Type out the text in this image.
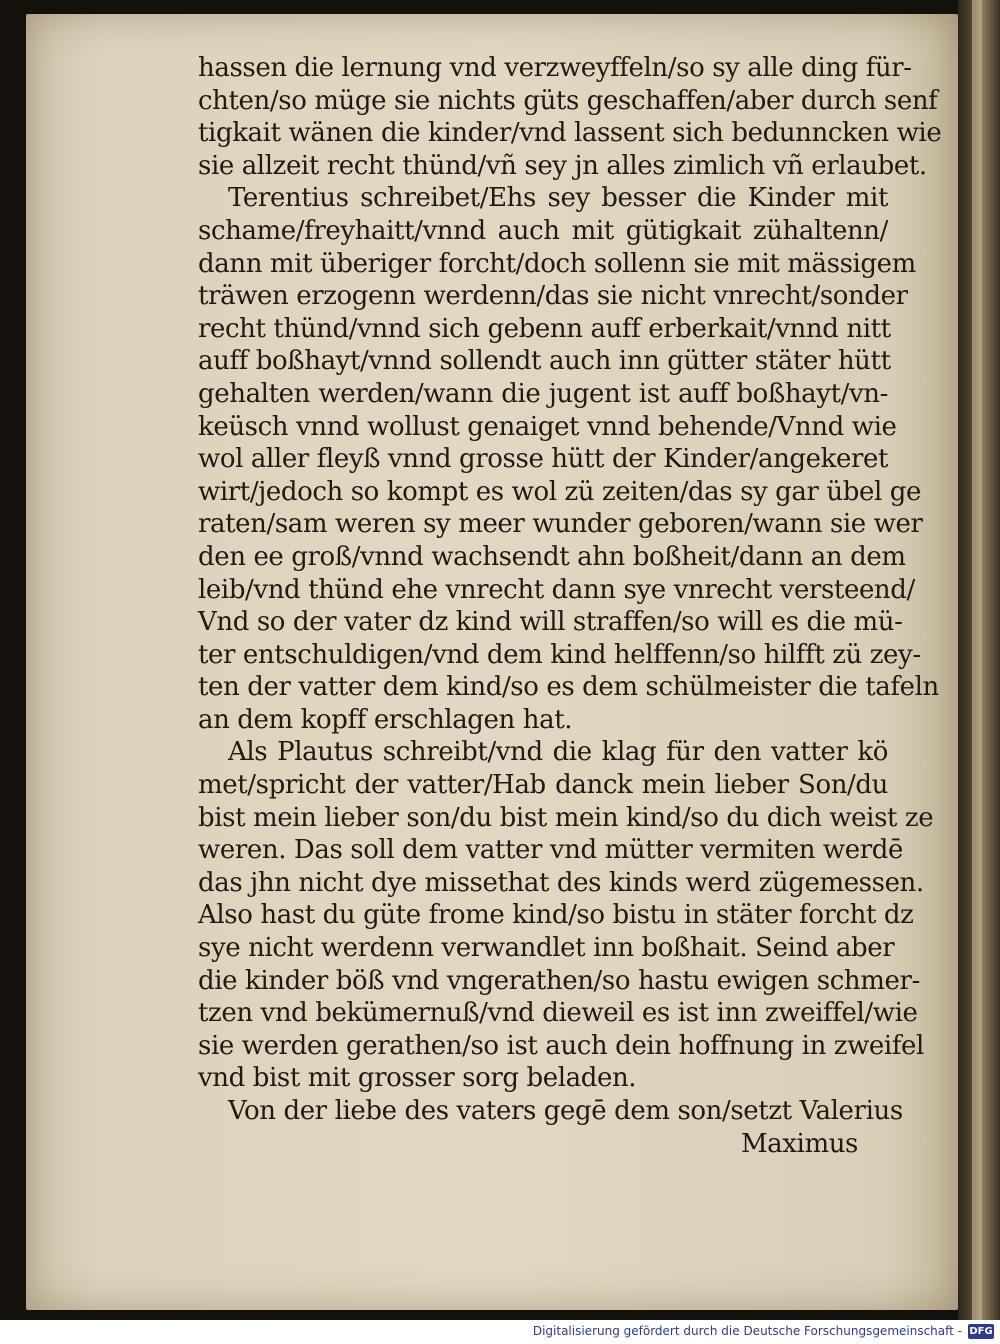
hassen die lernung vnd verzweyffeln/so sy alle ding für-
chten/so müge sie nichts güts geschaffen/aber durch senf
tigkait wänen die kinder/vnd lassent sich bedunncken wie
sie allzeit recht thünd/vñ sey jn alles zimlich vñ erlaubet.
Terentius schreibet/Ehs sey besser die Kinder mit
schame/freyhaitt/vnnd auch mit gütigkait zühaltenn/
dann mit überiger forcht/doch sollenn sie mit mässigem
träwen erzogenn werdenn/das sie nicht vnrecht/sonder
recht thünd/vnnd sich gebenn auff erberkait/vnnd nitt
auff boßhayt/vnnd sollendt auch inn gütter stäter hütt
gehalten werden/wann die jugent ist auff boßhayt/vn-
keüsch vnnd wollust genaiget vnnd behende/Vnnd wie
wol aller fleyß vnnd grosse hütt der Kinder/angekeret
wirt/jedoch so kompt es wol zü zeiten/das sy gar übel ge
raten/sam weren sy meer wunder geboren/wann sie wer
den ee groß/vnnd wachsendt ahn boßheit/dann an dem
leib/vnd thünd ehe vnrecht dann sye vnrecht versteend/
Vnd so der vater dz kind will straffen/so will es die mü-
ter entschuldigen/vnd dem kind helffenn/so hilfft zü zey-
ten der vatter dem kind/so es dem schülmeister die tafeln
an dem kopff erschlagen hat.
Als Plautus schreibt/vnd die klag für den vatter kö
met/spricht der vatter/Hab danck mein lieber Son/du
bist mein lieber son/du bist mein kind/so du dich weist ze
weren. Das soll dem vatter vnd mütter vermiten werdē
das jhn nicht dye missethat des kinds werd zügemessen.
Also hast du güte frome kind/so bistu in stäter forcht dz
sye nicht werdenn verwandlet inn boßhait. Seind aber
die kinder böß vnd vngerathen/so hastu ewigen schmer-
tzen vnd bekümernuß/vnd dieweil es ist inn zweiffel/wie
sie werden gerathen/so ist auch dein hoffnung in zweifel
vnd bist mit grosser sorg beladen.
Von der liebe des vaters gegē dem son/setzt Valerius
Maximus
Digitalisierung gefördert durch die Deutsche Forschungsgemeinschaft - DFG
